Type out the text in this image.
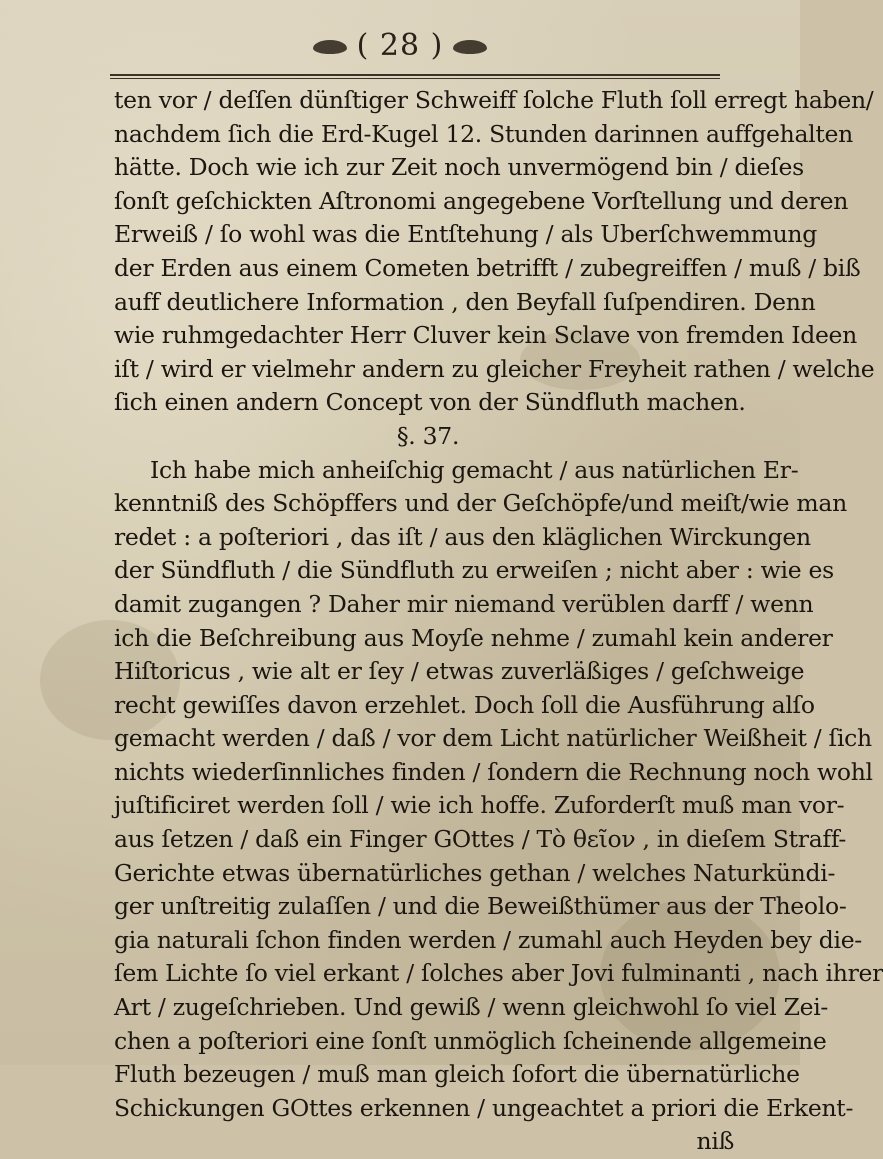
( 28 )
ten vor / deſſen dünſtiger Schweiff ſolche Fluth ſoll erregt haben/
nachdem ſich die Erd-Kugel 12. Stunden darinnen auffgehalten
hätte. Doch wie ich zur Zeit noch unvermögend bin / dieſes
ſonſt geſchickten Aſtronomi angegebene Vorſtellung und deren
Erweiß / ſo wohl was die Entſtehung / als Uberſchwemmung
der Erden aus einem Cometen betrifft / zubegreiffen / muß / biß
auff deutlichere Information , den Beyfall ſuſpendiren. Denn
wie ruhmgedachter Herr Cluver kein Sclave von fremden Ideen
iſt / wird er vielmehr andern zu gleicher Freyheit rathen / welche
ſich einen andern Concept von der Sündfluth machen.
§. 37.
Ich habe mich anheiſchig gemacht / aus natürlichen Er-
kenntniß des Schöpffers und der Geſchöpfe/und meiſt/wie man
redet : a poſteriori , das iſt / aus den kläglichen Wirckungen
der Sündfluth / die Sündfluth zu erweiſen ; nicht aber : wie es
damit zugangen ? Daher mir niemand verüblen darff / wenn
ich die Beſchreibung aus Moyſe nehme / zumahl kein anderer
Hiſtoricus , wie alt er ſey / etwas zuverläßiges / geſchweige
recht gewiſſes davon erzehlet. Doch ſoll die Ausführung alſo
gemacht werden / daß / vor dem Licht natürlicher Weißheit / ſich
nichts wiederſinnliches finden / ſondern die Rechnung noch wohl
juſtificiret werden ſoll / wie ich hoffe. Zuforderſt muß man vor-
aus ſetzen / daß ein Finger GOttes / Τὸ θεῖον , in dieſem Straff-
Gerichte etwas übernatürliches gethan / welches Naturkündi-
ger unſtreitig zulaſſen / und die Beweißthümer aus der Theolo-
gia naturali ſchon finden werden / zumahl auch Heyden bey die-
ſem Lichte ſo viel erkant / ſolches aber Jovi fulminanti , nach ihrer
Art / zugeſchrieben. Und gewiß / wenn gleichwohl ſo viel Zei-
chen a poſteriori eine ſonſt unmöglich ſcheinende allgemeine
Fluth bezeugen / muß man gleich ſofort die übernatürliche
Schickungen GOttes erkennen / ungeachtet a priori die Erkent-
niß
